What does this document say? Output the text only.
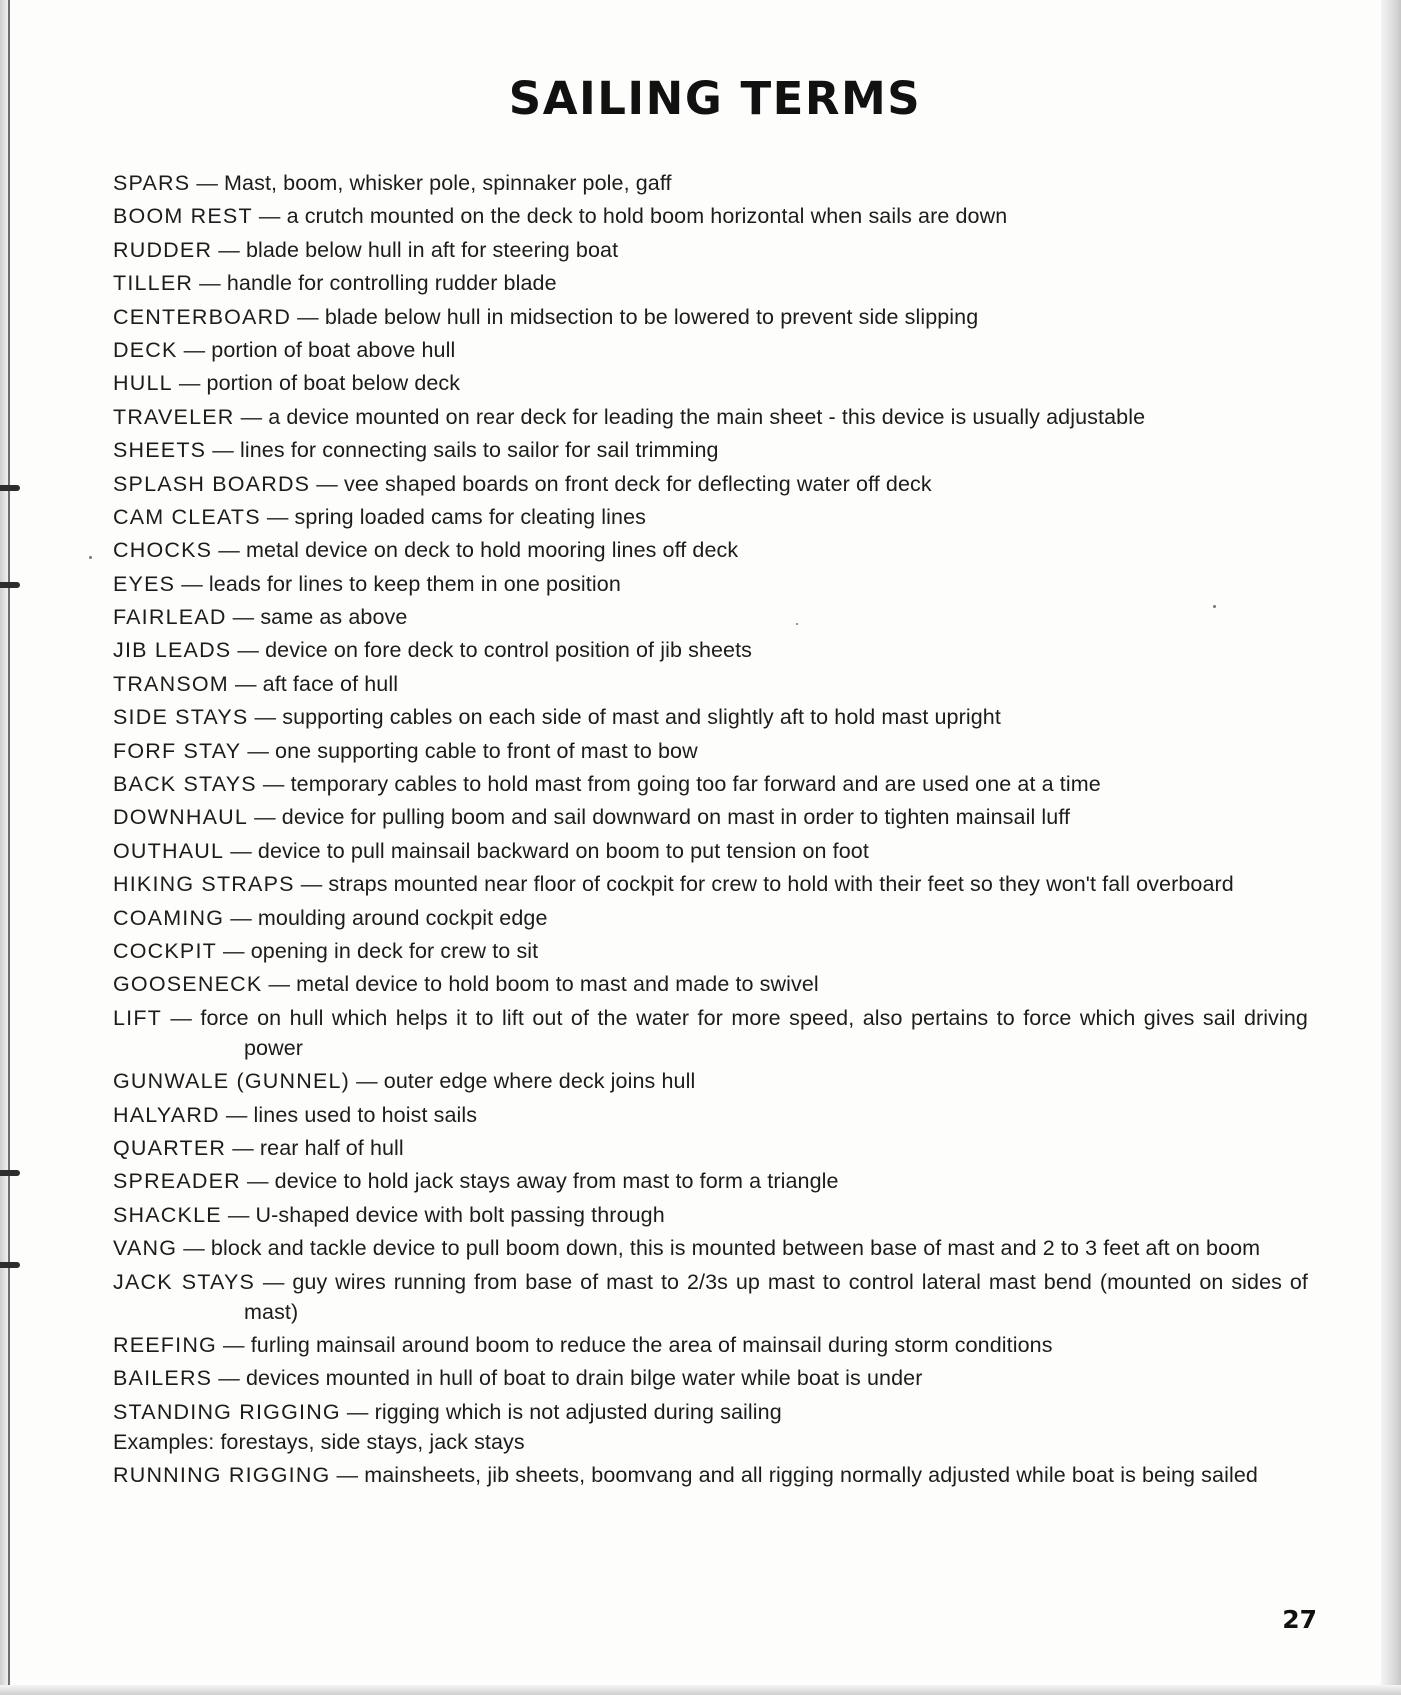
SAILING TERMS
SPARS — Mast, boom, whisker pole, spinnaker pole, gaff
BOOM REST — a crutch mounted on the deck to hold boom horizontal when sails are down
RUDDER — blade below hull in aft for steering boat
TILLER — handle for controlling rudder blade
CENTERBOARD — blade below hull in midsection to be lowered to prevent side slipping
DECK — portion of boat above hull
HULL — portion of boat below deck
TRAVELER — a device mounted on rear deck for leading the main sheet - this device is usually adjustable
SHEETS — lines for connecting sails to sailor for sail trimming
SPLASH BOARDS — vee shaped boards on front deck for deflecting water off deck
CAM CLEATS — spring loaded cams for cleating lines
CHOCKS — metal device on deck to hold mooring lines off deck
EYES — leads for lines to keep them in one position
FAIRLEAD — same as above
JIB LEADS — device on fore deck to control position of jib sheets
TRANSOM — aft face of hull
SIDE STAYS — supporting cables on each side of mast and slightly aft to hold mast upright
FORF STAY — one supporting cable to front of mast to bow
BACK STAYS — temporary cables to hold mast from going too far forward and are used one at a time
DOWNHAUL — device for pulling boom and sail downward on mast in order to tighten mainsail luff
OUTHAUL — device to pull mainsail backward on boom to put tension on foot
HIKING STRAPS — straps mounted near floor of cockpit for crew to hold with their feet so they won't fall overboard
COAMING — moulding around cockpit edge
COCKPIT — opening in deck for crew to sit
GOOSENECK — metal device to hold boom to mast and made to swivel
LIFT — force on hull which helps it to lift out of the water for more speed, also pertains to force which gives sail driving power
GUNWALE (GUNNEL) — outer edge where deck joins hull
HALYARD — lines used to hoist sails
QUARTER — rear half of hull
SPREADER — device to hold jack stays away from mast to form a triangle
SHACKLE — U-shaped device with bolt passing through
VANG — block and tackle device to pull boom down, this is mounted between base of mast and 2 to 3 feet aft on boom
JACK STAYS — guy wires running from base of mast to 2/3s up mast to control lateral mast bend (mounted on sides of mast)
REEFING — furling mainsail around boom to reduce the area of mainsail during storm conditions
BAILERS — devices mounted in hull of boat to drain bilge water while boat is under
STANDING RIGGING — rigging which is not adjusted during sailing
Examples: forestays, side stays, jack stays
RUNNING RIGGING — mainsheets, jib sheets, boomvang and all rigging normally adjusted while boat is being sailed
27
